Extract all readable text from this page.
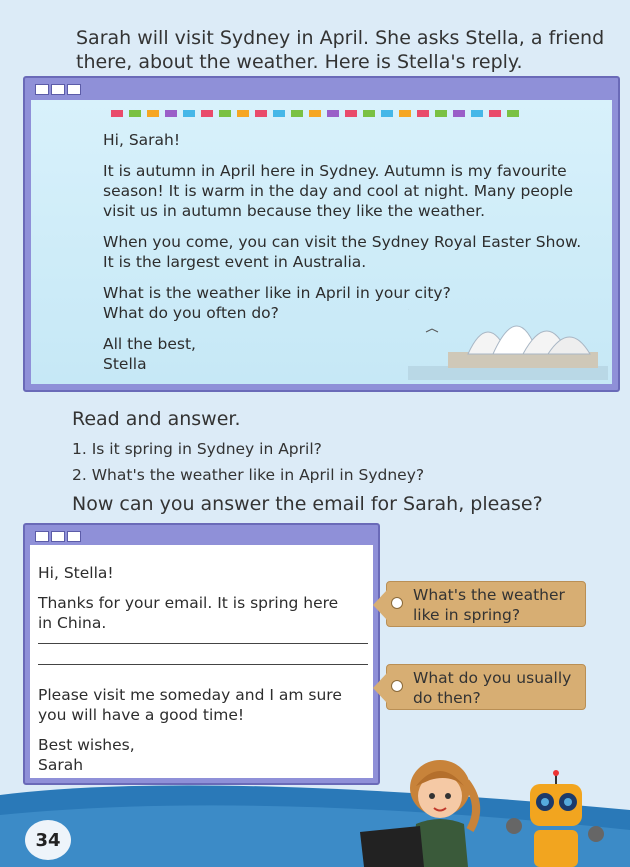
Sarah will visit Sydney in April. She asks Stella, a friend
there, about the weather. Here is Stella's reply.

Hi, Sarah!

It is autumn in April here in Sydney. Autumn is my favourite
season! It is warm in the day and cool at night. Many people
visit us in autumn because they like the weather.

When you come, you can visit the Sydney Royal Easter Show.
It is the largest event in Australia.

What is the weather like in April in your city?
What do you often do?

All the best,
Stella

Read and answer.
1. Is it spring in Sydney in April?
2. What's the weather like in April in Sydney?
Now can you answer the email for Sarah, please?

Hi, Stella!

Thanks for your email. It is spring here
in China.

Please visit me someday and I am sure
you will have a good time!

Best wishes,
Sarah

What's the weather
like in spring?
What do you usually
do then?
34
